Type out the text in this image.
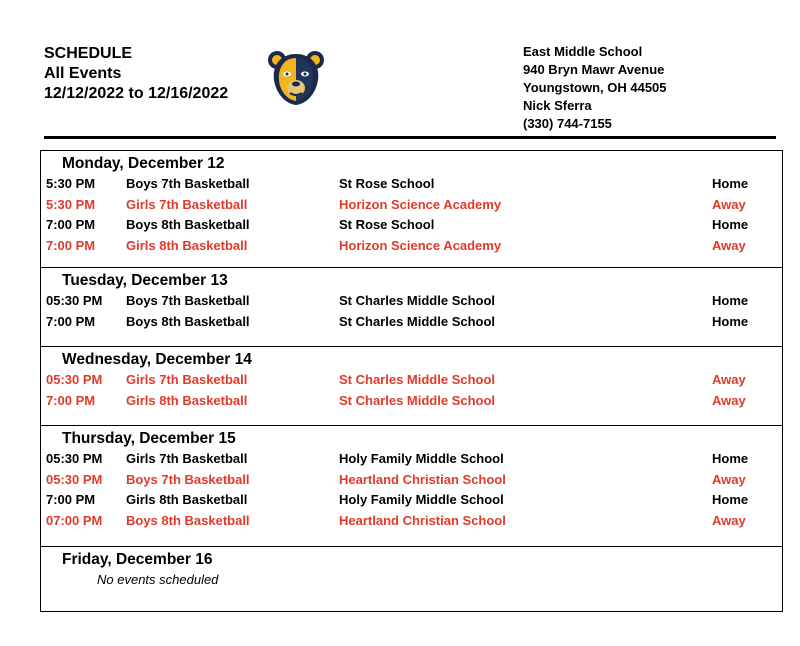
SCHEDULE
All Events
12/12/2022 to 12/16/2022
East Middle School
940 Bryn Mawr Avenue
Youngstown, OH 44505
Nick Sferra
(330) 744-7155
Monday, December 12
5:30 PM Boys 7th Basketball	St Rose School	Home
5:30 PM Girls 7th Basketball	Horizon Science Academy	Away
7:00 PM Boys 8th Basketball	St Rose School	Home
7:00 PM Girls 8th Basketball	Horizon Science Academy	Away
Tuesday, December 13
05:30 PM Boys 7th Basketball	St Charles Middle School	Home
7:00 PM Boys 8th Basketball	St Charles Middle School	Home
Wednesday, December 14
05:30 PM Girls 7th Basketball	St Charles Middle School	Away
7:00 PM Girls 8th Basketball	St Charles Middle School	Away
Thursday, December 15
05:30 PM Girls 7th Basketball	Holy Family Middle School	Home
05:30 PM Boys 7th Basketball	Heartland Christian School	Away
7:00 PM Girls 8th Basketball	Holy Family Middle School	Home
07:00 PM Boys 8th Basketball	Heartland Christian School	Away
Friday, December 16
No events scheduled
